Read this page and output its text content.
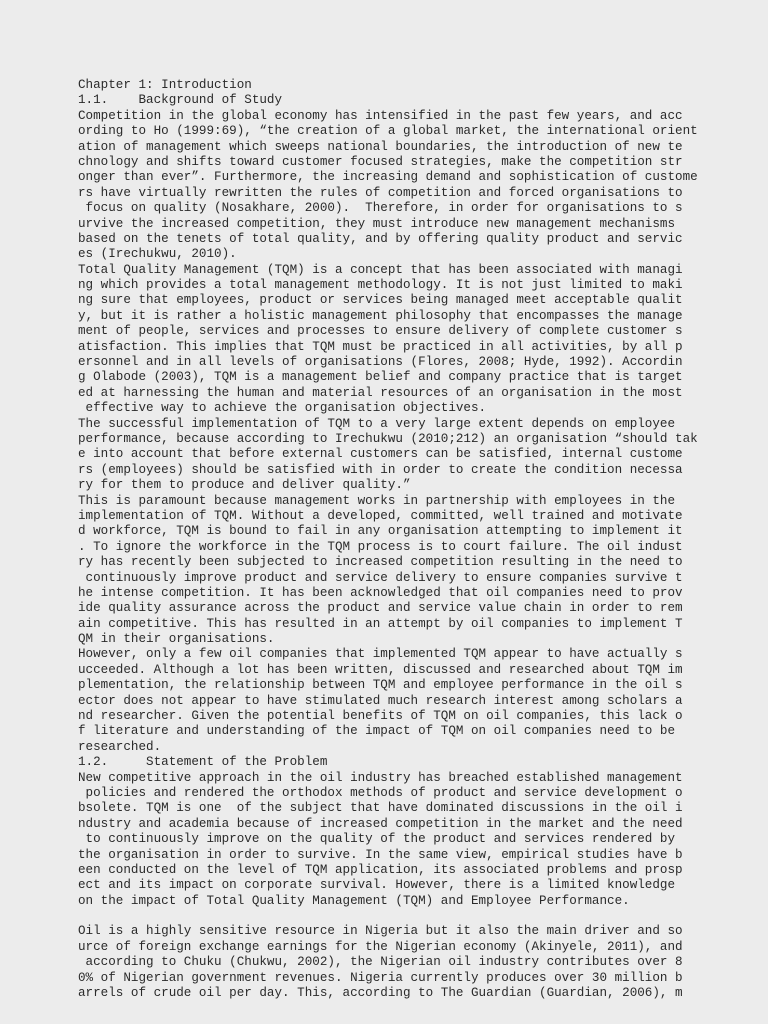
Chapter 1: Introduction
1.1.    Background of Study
Competition in the global economy has intensified in the past few years, and acc
ording to Ho (1999:69), “the creation of a global market, the international orient
ation of management which sweeps national boundaries, the introduction of new te
chnology and shifts toward customer focused strategies, make the competition str
onger than ever”. Furthermore, the increasing demand and sophistication of custome
rs have virtually rewritten the rules of competition and forced organisations to
focus on quality (Nosakhare, 2000).  Therefore, in order for organisations to s
urvive the increased competition, they must introduce new management mechanisms
based on the tenets of total quality, and by offering quality product and servic
es (Irechukwu, 2010).
Total Quality Management (TQM) is a concept that has been associated with managi
ng which provides a total management methodology. It is not just limited to maki
ng sure that employees, product or services being managed meet acceptable qualit
y, but it is rather a holistic management philosophy that encompasses the manage
ment of people, services and processes to ensure delivery of complete customer s
atisfaction. This implies that TQM must be practiced in all activities, by all p
ersonnel and in all levels of organisations (Flores, 2008; Hyde, 1992). Accordin
g Olabode (2003), TQM is a management belief and company practice that is target
ed at harnessing the human and material resources of an organisation in the most
effective way to achieve the organisation objectives.
The successful implementation of TQM to a very large extent depends on employee
performance, because according to Irechukwu (2010;212) an organisation “should tak
e into account that before external customers can be satisfied, internal custome
rs (employees) should be satisfied with in order to create the condition necessa
ry for them to produce and deliver quality.”
This is paramount because management works in partnership with employees in the
implementation of TQM. Without a developed, committed, well trained and motivate
d workforce, TQM is bound to fail in any organisation attempting to implement it
. To ignore the workforce in the TQM process is to court failure. The oil indust
ry has recently been subjected to increased competition resulting in the need to
continuously improve product and service delivery to ensure companies survive t
he intense competition. It has been acknowledged that oil companies need to prov
ide quality assurance across the product and service value chain in order to rem
ain competitive. This has resulted in an attempt by oil companies to implement T
QM in their organisations.
However, only a few oil companies that implemented TQM appear to have actually s
ucceeded. Although a lot has been written, discussed and researched about TQM im
plementation, the relationship between TQM and employee performance in the oil s
ector does not appear to have stimulated much research interest among scholars a
nd researcher. Given the potential benefits of TQM on oil companies, this lack o
f literature and understanding of the impact of TQM on oil companies need to be
researched.
1.2.     Statement of the Problem
New competitive approach in the oil industry has breached established management
policies and rendered the orthodox methods of product and service development o
bsolete. TQM is one  of the subject that have dominated discussions in the oil i
ndustry and academia because of increased competition in the market and the need
to continuously improve on the quality of the product and services rendered by
the organisation in order to survive. In the same view, empirical studies have b
een conducted on the level of TQM application, its associated problems and prosp
ect and its impact on corporate survival. However, there is a limited knowledge
on the impact of Total Quality Management (TQM) and Employee Performance.
Oil is a highly sensitive resource in Nigeria but it also the main driver and so
urce of foreign exchange earnings for the Nigerian economy (Akinyele, 2011), and
according to Chuku (Chukwu, 2002), the Nigerian oil industry contributes over 8
0% of Nigerian government revenues. Nigeria currently produces over 30 million b
arrels of crude oil per day. This, according to The Guardian (Guardian, 2006), m
